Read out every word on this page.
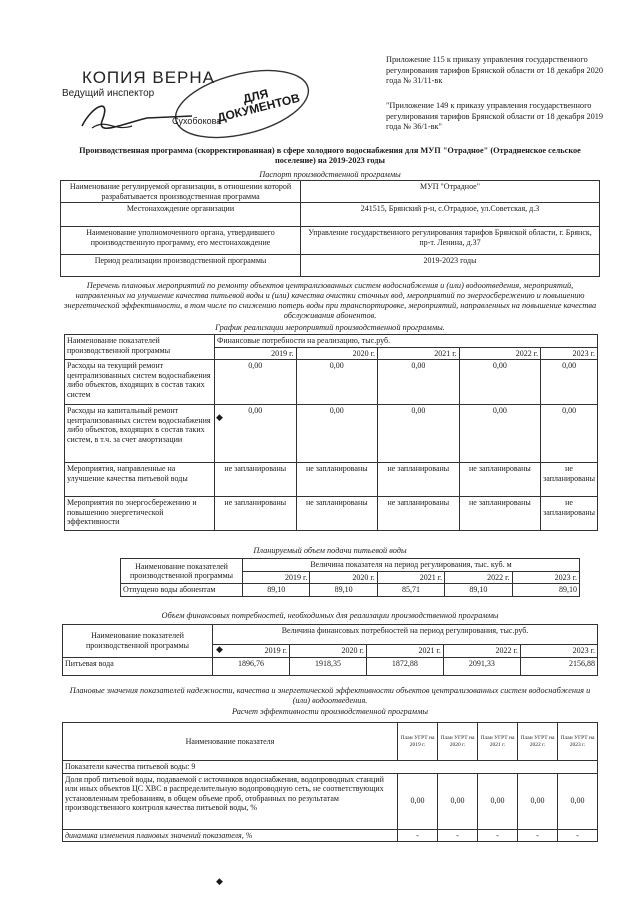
КОПИЯ ВЕРНА
Ведущий инспектор
Сухобокова
ДЛЯ ДОКУМЕНТОВ
Приложение 115 к приказу управления государственного регулирования тарифов Брянской области от 18 декабря 2020 года № 31/11-вк
"Приложение 149 к приказу управления государственного регулирования тарифов Брянской области от 18 декабря 2019 года № 36/1-вк"
Производственная программа (скорректированная) в сфере холодного водоснабжения для МУП "Отрадное" (Отрадненское сельское поселение) на 2019-2023 годы
Паспорт производственной программы
Наименование регулируемой организации, в отношении которой разрабатывается производственная программа	МУП "Отрадное"
Местонахождение организации	241515, Брянский р-н, с.Отрадное, ул.Советская, д.3
Наименование уполномоченного органа, утвердившего производственную программу, его местонахождение	Управление государственного регулирования тарифов Брянской области, г. Брянск, пр-т. Ленина, д.37
Период реализации производственной программы	2019-2023 годы
Перечень плановых мероприятий по ремонту объектов централизованных систем водоснабжения и (или) водоотведения, мероприятий, направленных на улучшение качества питьевой воды и (или) качества очистки сточных вод, мероприятий по энергосбережению и повышению энергетической эффективности, в том числе по снижению потерь воды при транспортировке, мероприятий, направленных на повышение качества обслуживания абонентов.
График реализации мероприятий производственной программы.
Наименование показателей производственной программы	Финансовые потребности на реализацию, тыс.руб.				
	2019 г.	2020 г.	2021 г.	2022 г.	2023 г.
Расходы на текущий ремонт централизованных систем водоснабжения либо объектов, входящих в состав таких систем	0,00	0,00	0,00	0,00	0,00
Расходы на капитальный ремонт централизованных систем водоснабжения либо объектов, входящих в состав таких систем, в т.ч. за счет амортизации	0,00	0,00	0,00	0,00	0,00
Мероприятия, направленные на улучшение качества питьевой воды	не запланированы	не запланированы	не запланированы	не запланированы	не запланированы
Мероприятия по энергосбережению и повышению энергетической эффективности	не запланированы	не запланированы	не запланированы	не запланированы	не запланированы
◆
Планируемый объем подачи питьевой воды
Наименование показателей производственной программы	Величина показателя на период регулирования, тыс. куб. м				
	2019 г.	2020 г.	2021 г.	2022 г.	2023 г.
Отпущено воды абонентам	89,10	89,10	85,71	89,10	89,10
Объем финансовых потребностей, необходимых для реализации производственной программы
Наименование показателей производственной программы	Величина финансовых потребностей на период регулирования, тыс.руб.				
	2019 г.	2020 г.	2021 г.	2022 г.	2023 г.
Питьевая вода	1896,76	1918,35	1872,88	2091,33	2156,88
◆
Плановые значения показателей надежности, качества и энергетической эффективности объектов централизованных систем водоснабжения и (или) водоотведения.
Расчет эффективности производственной программы
Наименование показателя	План УГРТ на 2019 г.	План УГРТ на 2020 г.	План УГРТ на 2021 г.	План УГРТ на 2022 г.	План УГРТ на 2023 г.
Показатели качества питьевой воды: 9					
Доля проб питьевой воды, подаваемой с источников водоснабжения, водопроводных станций или иных объектов ЦС ХВС в распределительную водопроводную сеть, не соответствующих установленным требованиям, в общем объеме проб, отобранных по результатам производственного контроля качества питьевой воды, %	0,00	0,00	0,00	0,00	0,00
динамика изменения плановых значений показателя, %	-	-	-	-	-
◆
